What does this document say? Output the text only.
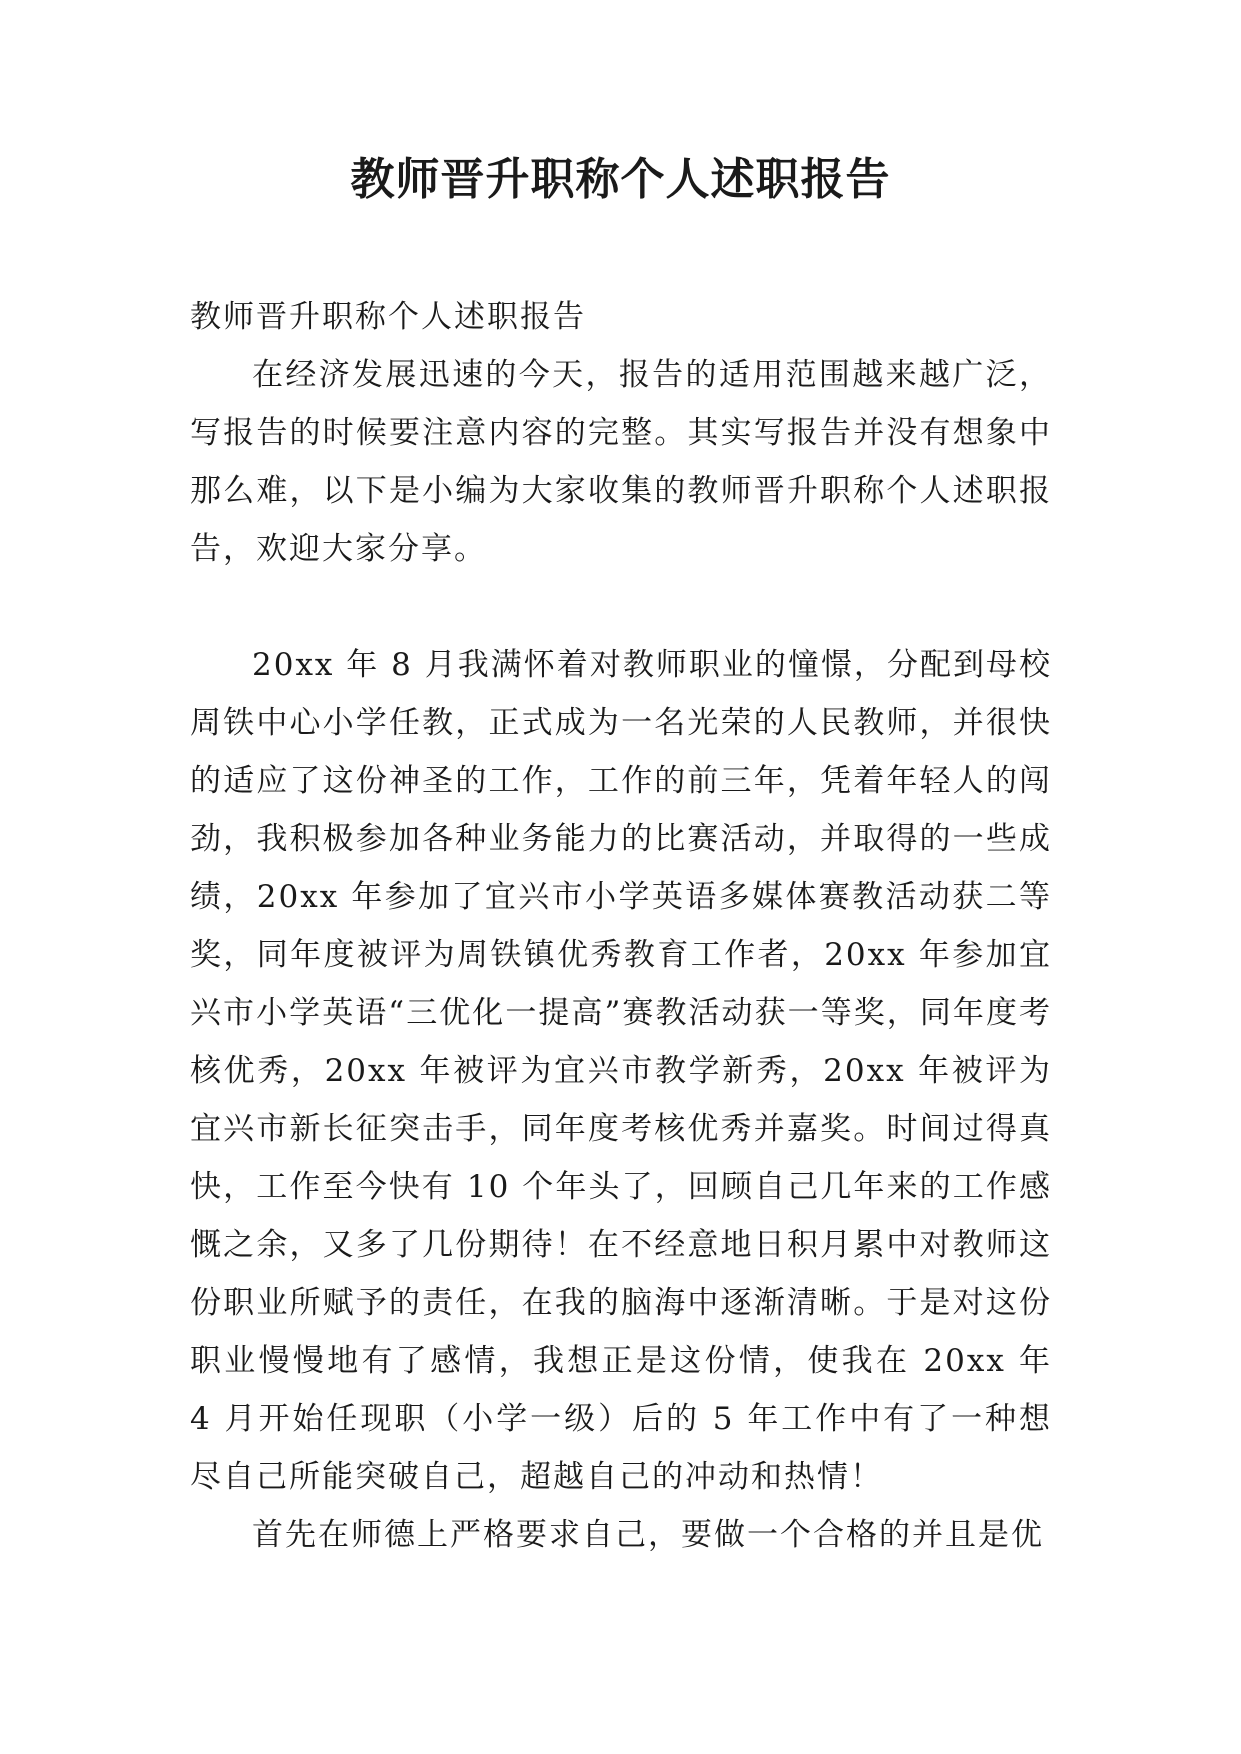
教师晋升职称个人述职报告

教师晋升职称个人述职报告

在经济发展迅速的今天，报告的适用范围越来越广泛，写报告的时候要注意内容的完整。其实写报告并没有想象中那么难，以下是小编为大家收集的教师晋升职称个人述职报告，欢迎大家分享。

20xx 年 8 月我满怀着对教师职业的憧憬，分配到母校周铁中心小学任教，正式成为一名光荣的人民教师，并很快的适应了这份神圣的工作，工作的前三年，凭着年轻人的闯劲，我积极参加各种业务能力的比赛活动，并取得的一些成绩，20xx 年参加了宜兴市小学英语多媒体赛教活动获二等奖，同年度被评为周铁镇优秀教育工作者，20xx 年参加宜兴市小学英语“三优化一提高”赛教活动获一等奖，同年度考核优秀，20xx 年被评为宜兴市教学新秀，20xx 年被评为宜兴市新长征突击手，同年度考核优秀并嘉奖。时间过得真快，工作至今快有 10 个年头了，回顾自己几年来的工作感慨之余，又多了几份期待！在不经意地日积月累中对教师这份职业所赋予的责任，在我的脑海中逐渐清晰。于是对这份职业慢慢地有了感情，我想正是这份情，使我在 20xx 年 4 月开始任现职（小学一级）后的 5 年工作中有了一种想尽自己所能突破自己，超越自己的冲动和热情！

首先在师德上严格要求自己，要做一个合格的并且是优
